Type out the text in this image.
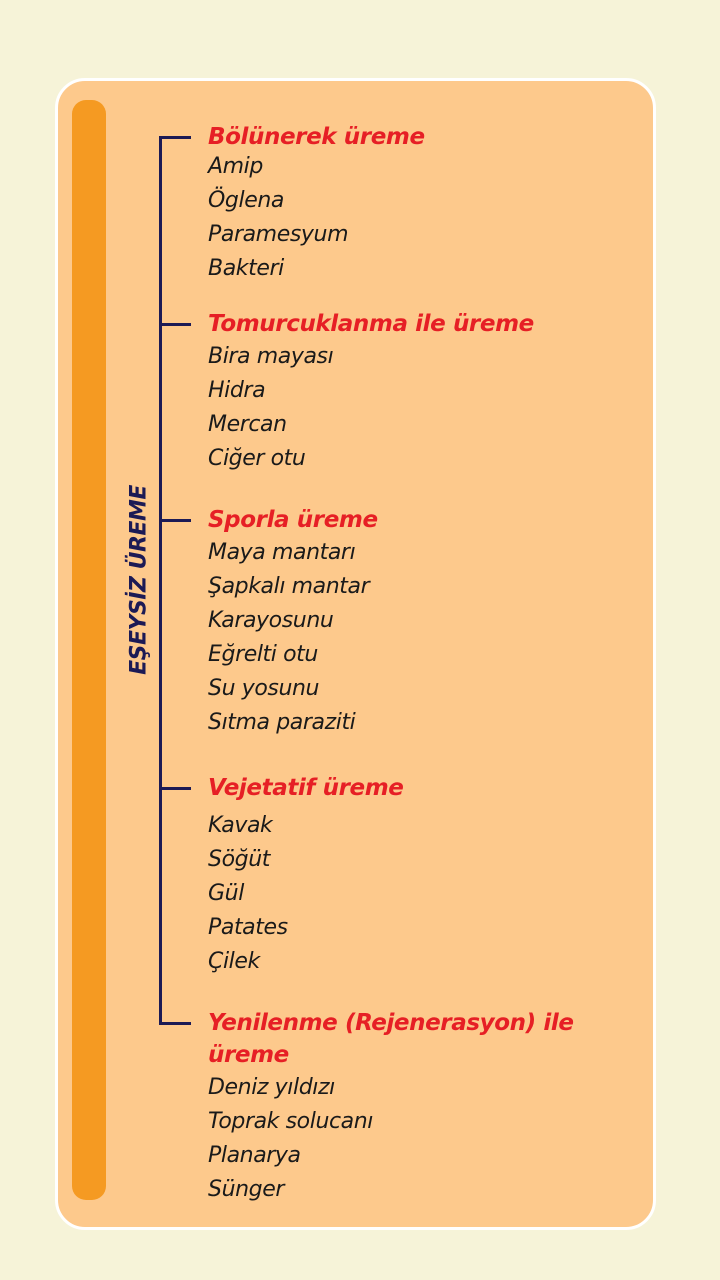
EŞEYSİZ ÜREME
Bölünerek üreme
Amip
Öglena
Paramesyum
Bakteri
Tomurcuklanma ile üreme
Bira mayası
Hidra
Mercan
Ciğer otu
Sporla üreme
Maya mantarı
Şapkalı mantar
Karayosunu
Eğrelti otu
Su yosunu
Sıtma paraziti
Vejetatif üreme
Kavak
Söğüt
Gül
Patates
Çilek
Yenilenme (Rejenerasyon) ile üreme
Deniz yıldızı
Toprak solucanı
Planarya
Sünger
